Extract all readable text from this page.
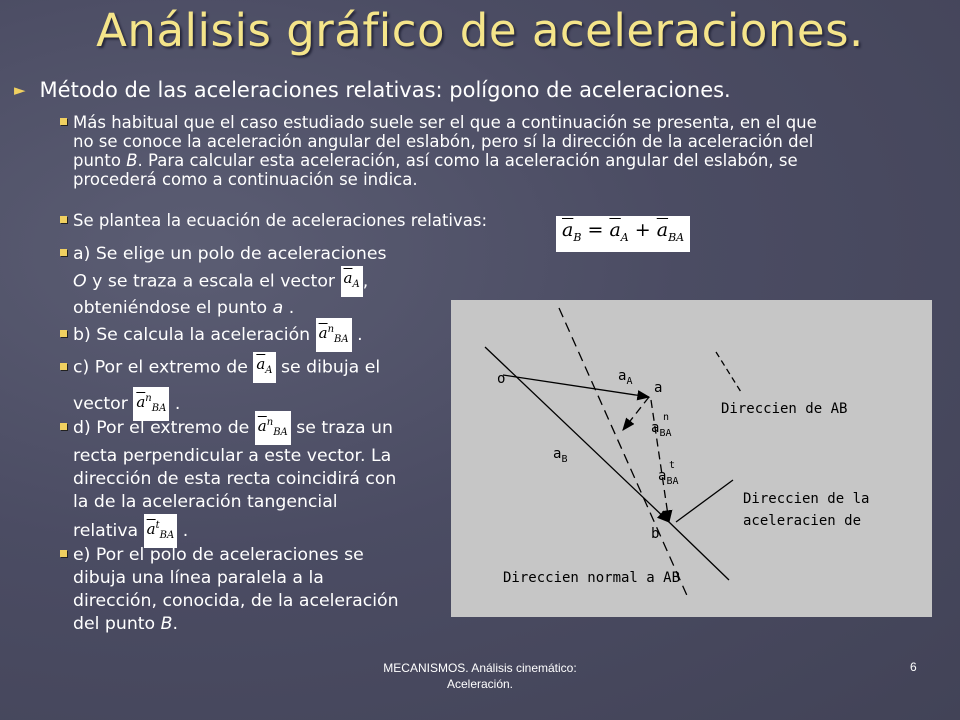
Análisis gráfico de aceleraciones.
► Método de las aceleraciones relativas: polígono de aceleraciones.
Más habitual que el caso estudiado suele ser el que a continuación se presenta, en el que
no se conoce la aceleración angular del eslabón, pero sí la dirección de la aceleración del
punto B. Para calcular esta aceleración, así como la aceleración angular del eslabón, se
procederá como a continuación se indica.
Se plantea la ecuación de aceleraciones relativas:	$\overline{a}_B = \overline{a}_A + \overline{a}_{BA}$
a) Se elige un polo de aceleraciones
O y se traza a escala el vector $\overline{a}_A$ ,
obteniéndose el punto a .
b) Se calcula la aceleración $\overline{a}^n_{BA}$ .
c) Por el extremo de $\overline{a}_A$ se dibuja el
vector $\overline{a}^n_{BA}$ .
d) Por el extremo de $\overline{a}^n_{BA}$ se traza un
recta perpendicular a este vector. La
dirección de esta recta coincidirá con
la de la aceleración tangencial
relativa $\overline{a}^t_{BA}$ .
e) Por el polo de aceleraciones se
dibuja una línea paralela a la
dirección, conocida, de la aceleración
del punto B.
o
a
b
$a_A$
n
$a_{BA}$
t
$a_{BA}$
$a_B$
Direccien de AB
Direccien de la
aceleracien de
Direccien normal a AB
MECANISMOS. Análisis cinemático:
Aceleración.
6
